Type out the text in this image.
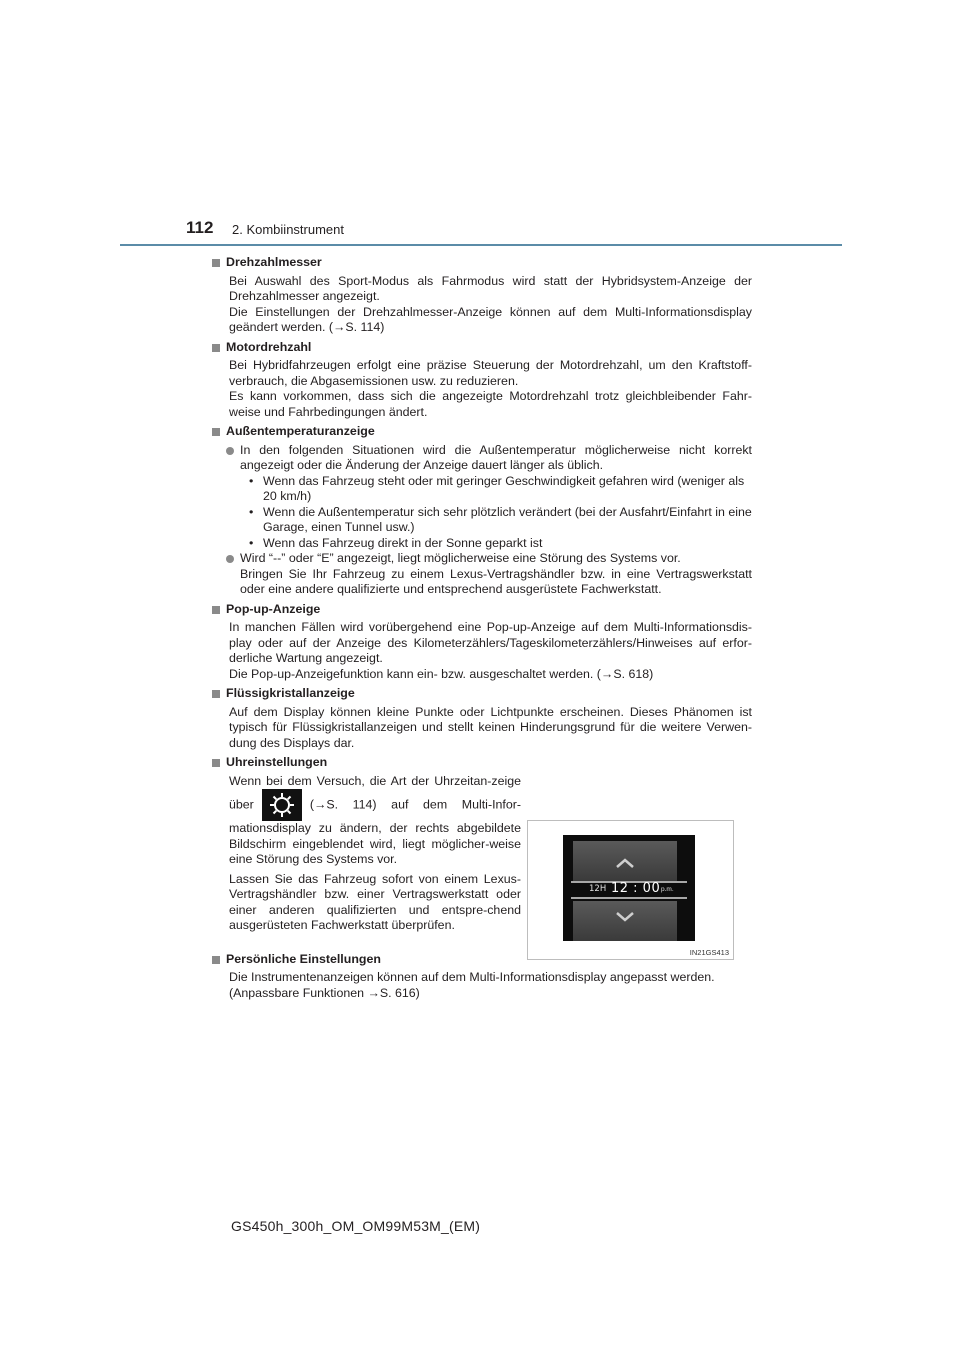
112 2. Kombiinstrument
Drehzahlmesser

Bei Auswahl des Sport-Modus als Fahrmodus wird statt der Hybridsystem-Anzeige der Drehzahlmesser angezeigt.

Die Einstellungen der Drehzahlmesser-Anzeige können auf dem Multi-Informationsdisplay geändert werden. (→S. 114)

Motordrehzahl

Bei Hybridfahrzeugen erfolgt eine präzise Steuerung der Motordrehzahl, um den Kraftstoff-verbrauch, die Abgasemissionen usw. zu reduzieren.

Es kann vorkommen, dass sich die angezeigte Motordrehzahl trotz gleichbleibender Fahr-weise und Fahrbedingungen ändert.

Außentemperaturanzeige

In den folgenden Situationen wird die Außentemperatur möglicherweise nicht korrekt angezeigt oder die Änderung der Anzeige dauert länger als üblich.

• Wenn das Fahrzeug steht oder mit geringer Geschwindigkeit gefahren wird (weniger als 20 km/h)
• Wenn die Außentemperatur sich sehr plötzlich verändert (bei der Ausfahrt/Einfahrt in eine Garage, einen Tunnel usw.)
• Wenn das Fahrzeug direkt in der Sonne geparkt ist

Wird “--” oder “E” angezeigt, liegt möglicherweise eine Störung des Systems vor.

Bringen Sie Ihr Fahrzeug zu einem Lexus-Vertragshändler bzw. in eine Vertragswerkstatt oder eine andere qualifizierte und entsprechend ausgerüstete Fachwerkstatt.

Pop-up-Anzeige

In manchen Fällen wird vorübergehend eine Pop-up-Anzeige auf dem Multi-Informationsdis-play oder auf der Anzeige des Kilometerzählers/Tageskilometerzählers/Hinweises auf erfor-derliche Wartung angezeigt.

Die Pop-up-Anzeigefunktion kann ein- bzw. ausgeschaltet werden. (→S. 618)

Flüssigkristallanzeige

Auf dem Display können kleine Punkte oder Lichtpunkte erscheinen. Dieses Phänomen ist typisch für Flüssigkristallanzeigen und stellt keinen Hinderungsgrund für die weitere Verwen-dung des Displays dar.

Uhreinstellungen

Wenn bei dem Versuch, die Art der Uhrzeitan-zeige über	(→S. 114) auf dem Multi-Infor-mationsdisplay zu ändern, der rechts abgebildete Bildschirm eingeblendet wird, liegt möglicher-weise eine Störung des Systems vor.

Lassen Sie das Fahrzeug sofort von einem Lexus-Vertragshändler bzw. einer Vertragswerkstatt oder einer anderen qualifizierten und entspre-chend ausgerüsteten Fachwerkstatt überprüfen.

Persönliche Einstellungen

Die Instrumentenanzeigen können auf dem Multi-Informationsdisplay angepasst werden.

(Anpassbare Funktionen →S. 616)

12H 12 : 00 p.m.
IN21GS413
GS450h_300h_OM_OM99M53M_(EM)
